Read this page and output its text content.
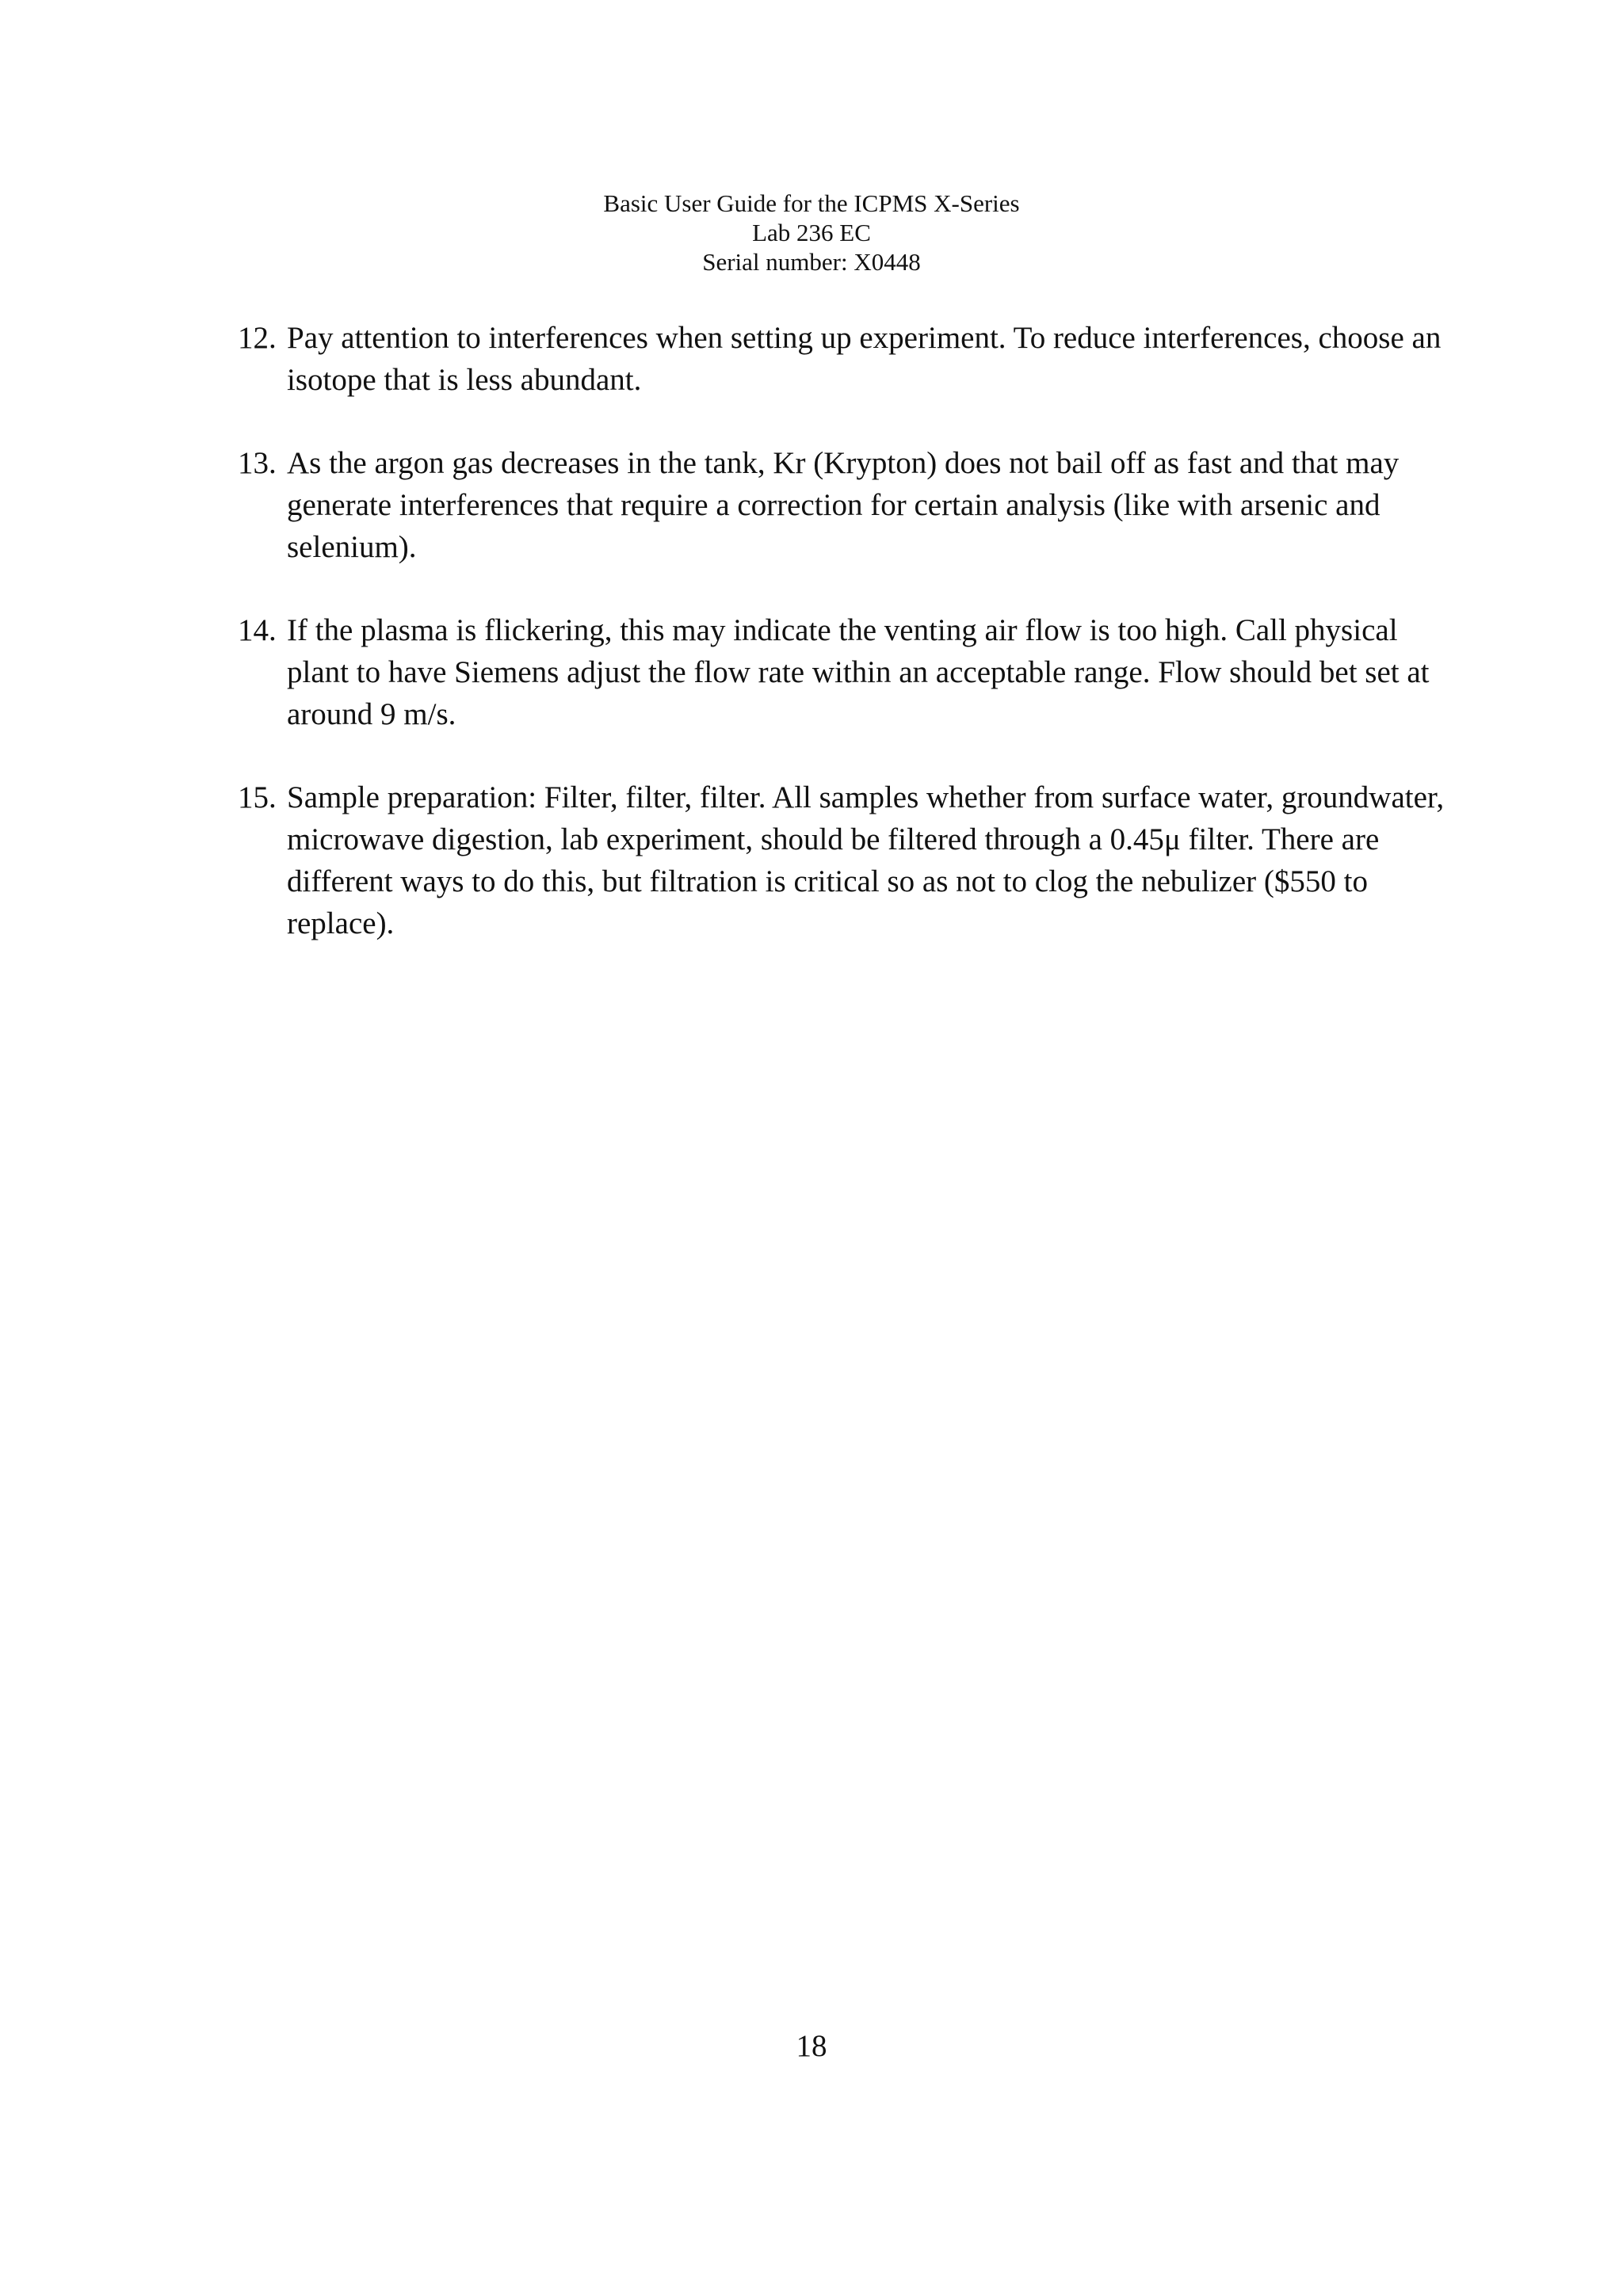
Basic User Guide for the ICPMS X-Series
Lab 236 EC
Serial number: X0448
12. Pay attention to interferences when setting up experiment. To reduce interferences, choose an isotope that is less abundant.
13. As the argon gas decreases in the tank, Kr (Krypton) does not bail off as fast and that may generate interferences that require a correction for certain analysis (like with arsenic and selenium).
14. If the plasma is flickering, this may indicate the venting air flow is too high. Call physical plant to have Siemens adjust the flow rate within an acceptable range. Flow should bet set at around 9 m/s.
15. Sample preparation: Filter, filter, filter. All samples whether from surface water, groundwater, microwave digestion, lab experiment, should be filtered through a 0.45μ filter. There are different ways to do this, but filtration is critical so as not to clog the nebulizer ($550 to replace).
18
